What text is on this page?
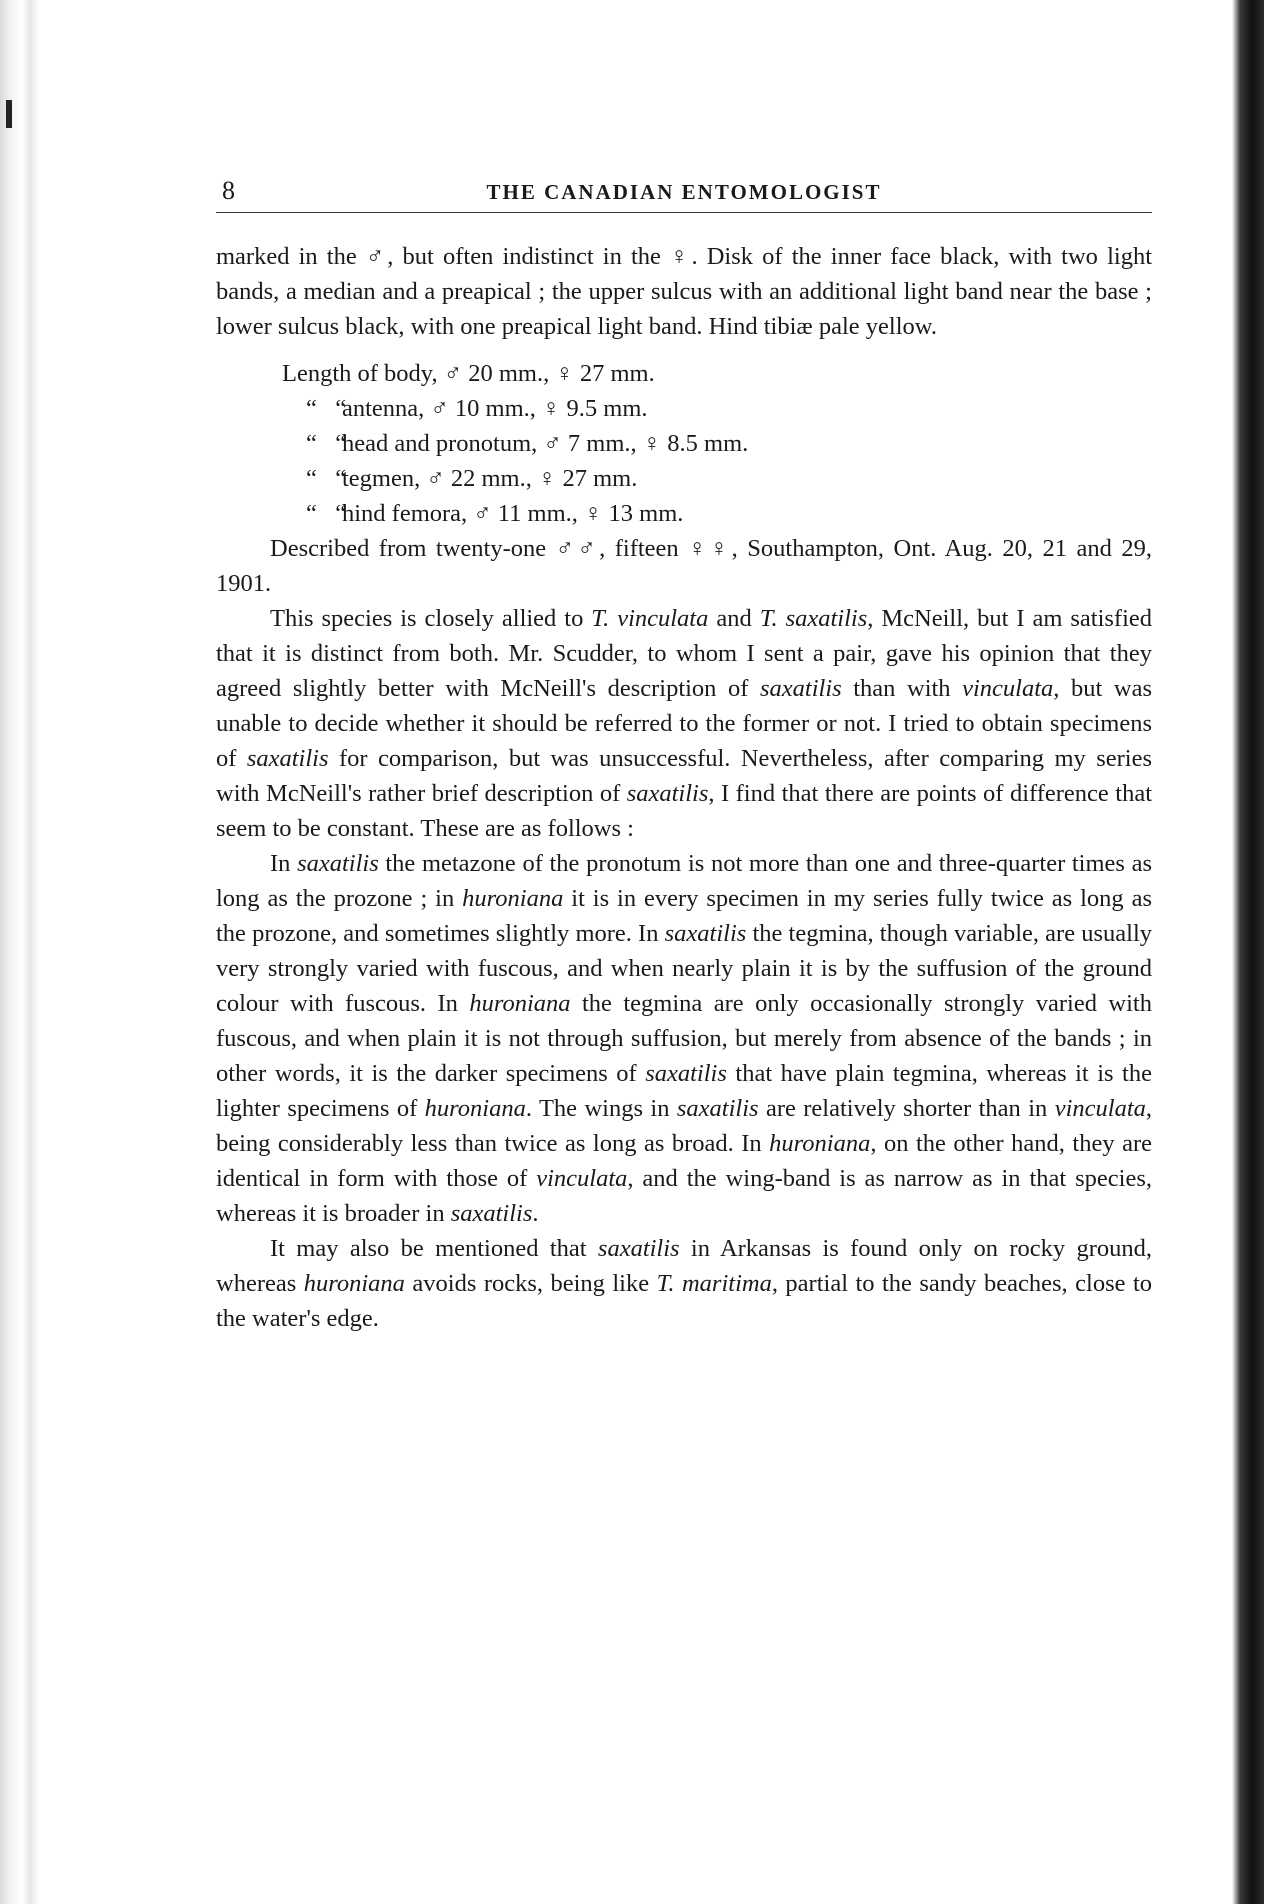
8	THE CANADIAN ENTOMOLOGIST

marked in the ♂, but often indistinct in the ♀. Disk of the inner face black, with two light bands, a median and a preapical ; the upper sulcus with an additional light band near the base ; lower sulcus black, with one preapical light band. Hind tibiæ pale yellow.

Length of body, ♂ 20 mm., ♀ 27 mm.
“   “antenna, ♂ 10 mm., ♀ 9.5 mm.
“   “head and pronotum, ♂ 7 mm., ♀ 8.5 mm.
“   “tegmen, ♂ 22 mm., ♀ 27 mm.
“   “hind femora, ♂ 11 mm., ♀ 13 mm.

Described from twenty-one ♂♂, fifteen ♀♀, Southampton, Ont. Aug. 20, 21 and 29, 1901.

This species is closely allied to T. vinculata and T. saxatilis, McNeill, but I am satisfied that it is distinct from both. Mr. Scudder, to whom I sent a pair, gave his opinion that they agreed slightly better with McNeill's description of saxatilis than with vinculata, but was unable to decide whether it should be referred to the former or not. I tried to obtain specimens of saxatilis for comparison, but was unsuccessful. Nevertheless, after comparing my series with McNeill's rather brief description of saxatilis, I find that there are points of difference that seem to be constant. These are as follows :

In saxatilis the metazone of the pronotum is not more than one and three-quarter times as long as the prozone ; in huroniana it is in every specimen in my series fully twice as long as the prozone, and sometimes slightly more. In saxatilis the tegmina, though variable, are usually very strongly varied with fuscous, and when nearly plain it is by the suffusion of the ground colour with fuscous. In huroniana the tegmina are only occasionally strongly varied with fuscous, and when plain it is not through suffusion, but merely from absence of the bands ; in other words, it is the darker specimens of saxatilis that have plain tegmina, whereas it is the lighter specimens of huroniana. The wings in saxatilis are relatively shorter than in vinculata, being considerably less than twice as long as broad. In huroniana, on the other hand, they are identical in form with those of vinculata, and the wing-band is as narrow as in that species, whereas it is broader in saxatilis.

It may also be mentioned that saxatilis in Arkansas is found only on rocky ground, whereas huroniana avoids rocks, being like T. maritima, partial to the sandy beaches, close to the water's edge.
